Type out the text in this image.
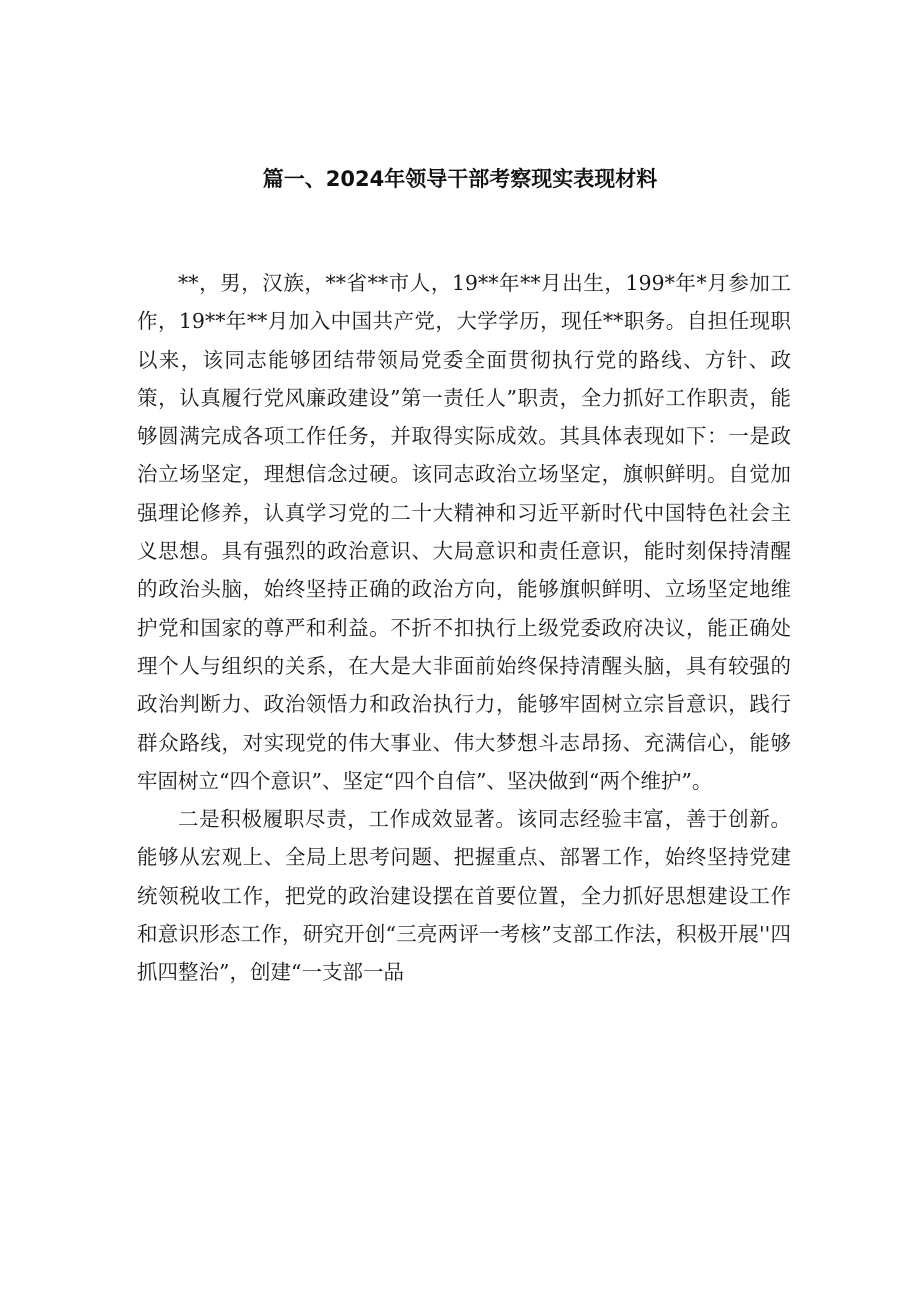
篇一、2024年领导干部考察现实表现材料

**，男，汉族，**省**市人，19**年**月出生，199*年*月参加工作，19**年**月加入中国共产党，大学学历，现任**职务。自担任现职以来，该同志能够团结带领局党委全面贯彻执行党的路线、方针、政策，认真履行党风廉政建设”第一责任人”职责，全力抓好工作职责，能够圆满完成各项工作任务，并取得实际成效。其具体表现如下：一是政治立场坚定，理想信念过硬。该同志政治立场坚定，旗帜鲜明。自觉加强理论修养，认真学习党的二十大精神和习近平新时代中国特色社会主义思想。具有强烈的政治意识、大局意识和责任意识，能时刻保持清醒的政治头脑，始终坚持正确的政治方向，能够旗帜鲜明、立场坚定地维护党和国家的尊严和利益。不折不扣执行上级党委政府决议，能正确处理个人与组织的关系，在大是大非面前始终保持清醒头脑，具有较强的政治判断力、政治领悟力和政治执行力，能够牢固树立宗旨意识，践行群众路线，对实现党的伟大事业、伟大梦想斗志昂扬、充满信心，能够牢固树立“四个意识”、坚定“四个自信”、坚决做到“两个维护”。

二是积极履职尽责，工作成效显著。该同志经验丰富，善于创新。能够从宏观上、全局上思考问题、把握重点、部署工作，始终坚持党建统领税收工作，把党的政治建设摆在首要位置，全力抓好思想建设工作和意识形态工作，研究开创“三亮两评一考核”支部工作法，积极开展''四抓四整治”，创建“一支部一品
